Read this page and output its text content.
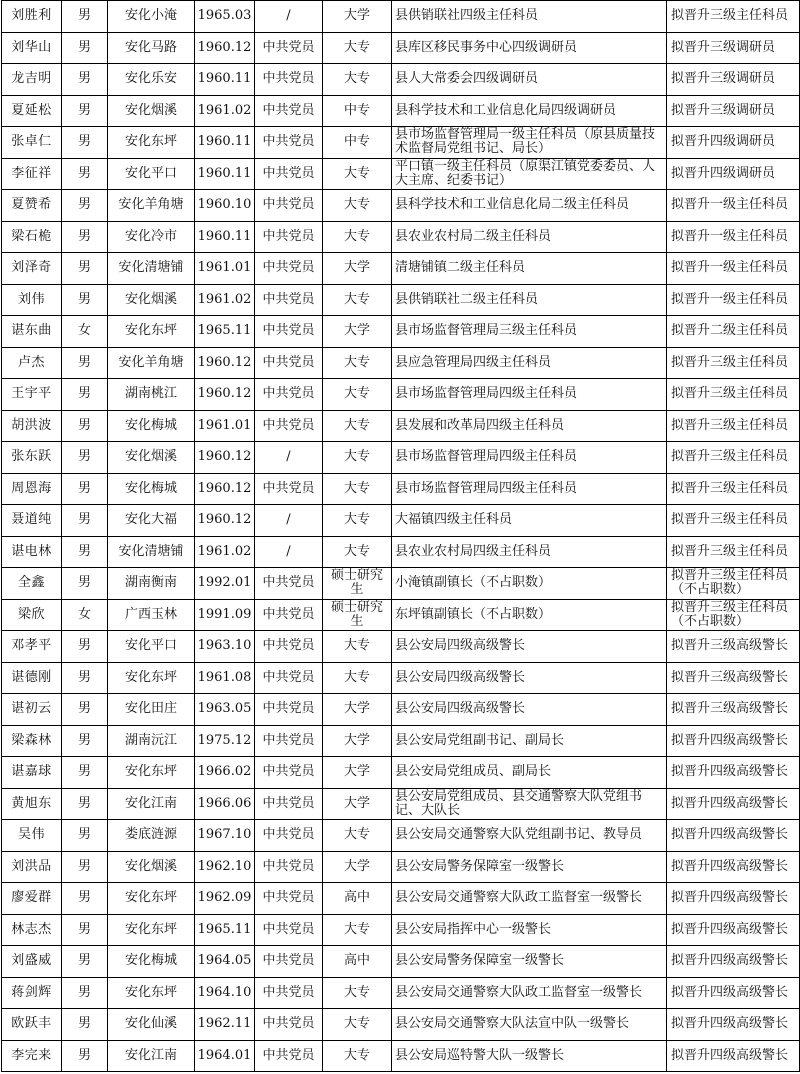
刘胜利	男	安化小淹	1965.03	/	大学	县供销联社四级主任科员	拟晋升三级主任科员
刘华山	男	安化马路	1960.12	中共党员	大专	县库区移民事务中心四级调研员	拟晋升三级调研员
龙吉明	男	安化乐安	1960.11	中共党员	大专	县人大常委会四级调研员	拟晋升三级调研员
夏延松	男	安化烟溪	1961.02	中共党员	中专	县科学技术和工业信息化局四级调研员	拟晋升三级调研员
张卓仁	男	安化东坪	1960.11	中共党员	中专	县市场监督管理局一级主任科员（原县质量技术监督局党组书记、局长）	拟晋升四级调研员
李征祥	男	安化平口	1960.11	中共党员	大专	平口镇一级主任科员（原渠江镇党委委员、人大主席、纪委书记）	拟晋升四级调研员
夏赞希	男	安化羊角塘	1960.10	中共党员	大专	县科学技术和工业信息化局二级主任科员	拟晋升一级主任科员
梁石桅	男	安化冷市	1960.11	中共党员	大专	县农业农村局二级主任科员	拟晋升一级主任科员
刘泽奇	男	安化清塘铺	1961.01	中共党员	大学	清塘铺镇二级主任科员	拟晋升一级主任科员
刘伟	男	安化烟溪	1961.02	中共党员	大专	县供销联社二级主任科员	拟晋升一级主任科员
谌东曲	女	安化东坪	1965.11	中共党员	大学	县市场监督管理局三级主任科员	拟晋升二级主任科员
卢杰	男	安化羊角塘	1960.12	中共党员	大专	县应急管理局四级主任科员	拟晋升三级主任科员
王宇平	男	湖南桃江	1960.12	中共党员	大专	县市场监督管理局四级主任科员	拟晋升三级主任科员
胡洪波	男	安化梅城	1961.01	中共党员	大专	县发展和改革局四级主任科员	拟晋升三级主任科员
张东跃	男	安化烟溪	1960.12	/	大专	县市场监督管理局四级主任科员	拟晋升三级主任科员
周恩海	男	安化梅城	1960.12	中共党员	大专	县市场监督管理局四级主任科员	拟晋升三级主任科员
聂道纯	男	安化大福	1960.12	/	大专	大福镇四级主任科员	拟晋升三级主任科员
谌电林	男	安化清塘铺	1961.02	/	大专	县农业农村局四级主任科员	拟晋升三级主任科员
全鑫	男	湖南衡南	1992.01	中共党员	硕士研究生	小淹镇副镇长（不占职数）	拟晋升三级主任科员（不占职数）
梁欣	女	广西玉林	1991.09	中共党员	硕士研究生	东坪镇副镇长（不占职数）	拟晋升三级主任科员（不占职数）
邓孝平	男	安化平口	1963.10	中共党员	大专	县公安局四级高级警长	拟晋升三级高级警长
谌德刚	男	安化东坪	1961.08	中共党员	大专	县公安局四级高级警长	拟晋升三级高级警长
谌初云	男	安化田庄	1963.05	中共党员	大学	县公安局四级高级警长	拟晋升三级高级警长
梁森林	男	湖南沅江	1975.12	中共党员	大学	县公安局党组副书记、副局长	拟晋升四级高级警长
谌嘉球	男	安化东坪	1966.02	中共党员	大学	县公安局党组成员、副局长	拟晋升四级高级警长
黄旭东	男	安化江南	1966.06	中共党员	大学	县公安局党组成员、县交通警察大队党组书记、大队长	拟晋升四级高级警长
吴伟	男	娄底涟源	1967.10	中共党员	大专	县公安局交通警察大队党组副书记、教导员	拟晋升四级高级警长
刘洪品	男	安化烟溪	1962.10	中共党员	大学	县公安局警务保障室一级警长	拟晋升四级高级警长
廖爱群	男	安化东坪	1962.09	中共党员	高中	县公安局交通警察大队政工监督室一级警长	拟晋升四级高级警长
林志杰	男	安化东坪	1965.11	中共党员	大专	县公安局指挥中心一级警长	拟晋升四级高级警长
刘盛威	男	安化梅城	1964.05	中共党员	高中	县公安局警务保障室一级警长	拟晋升四级高级警长
蒋剑辉	男	安化东坪	1964.10	中共党员	大专	县公安局交通警察大队政工监督室一级警长	拟晋升四级高级警长
欧跃丰	男	安化仙溪	1962.11	中共党员	大专	县公安局交通警察大队法宣中队一级警长	拟晋升四级高级警长
李完来	男	安化江南	1964.01	中共党员	大专	县公安局巡特警大队一级警长	拟晋升四级高级警长
